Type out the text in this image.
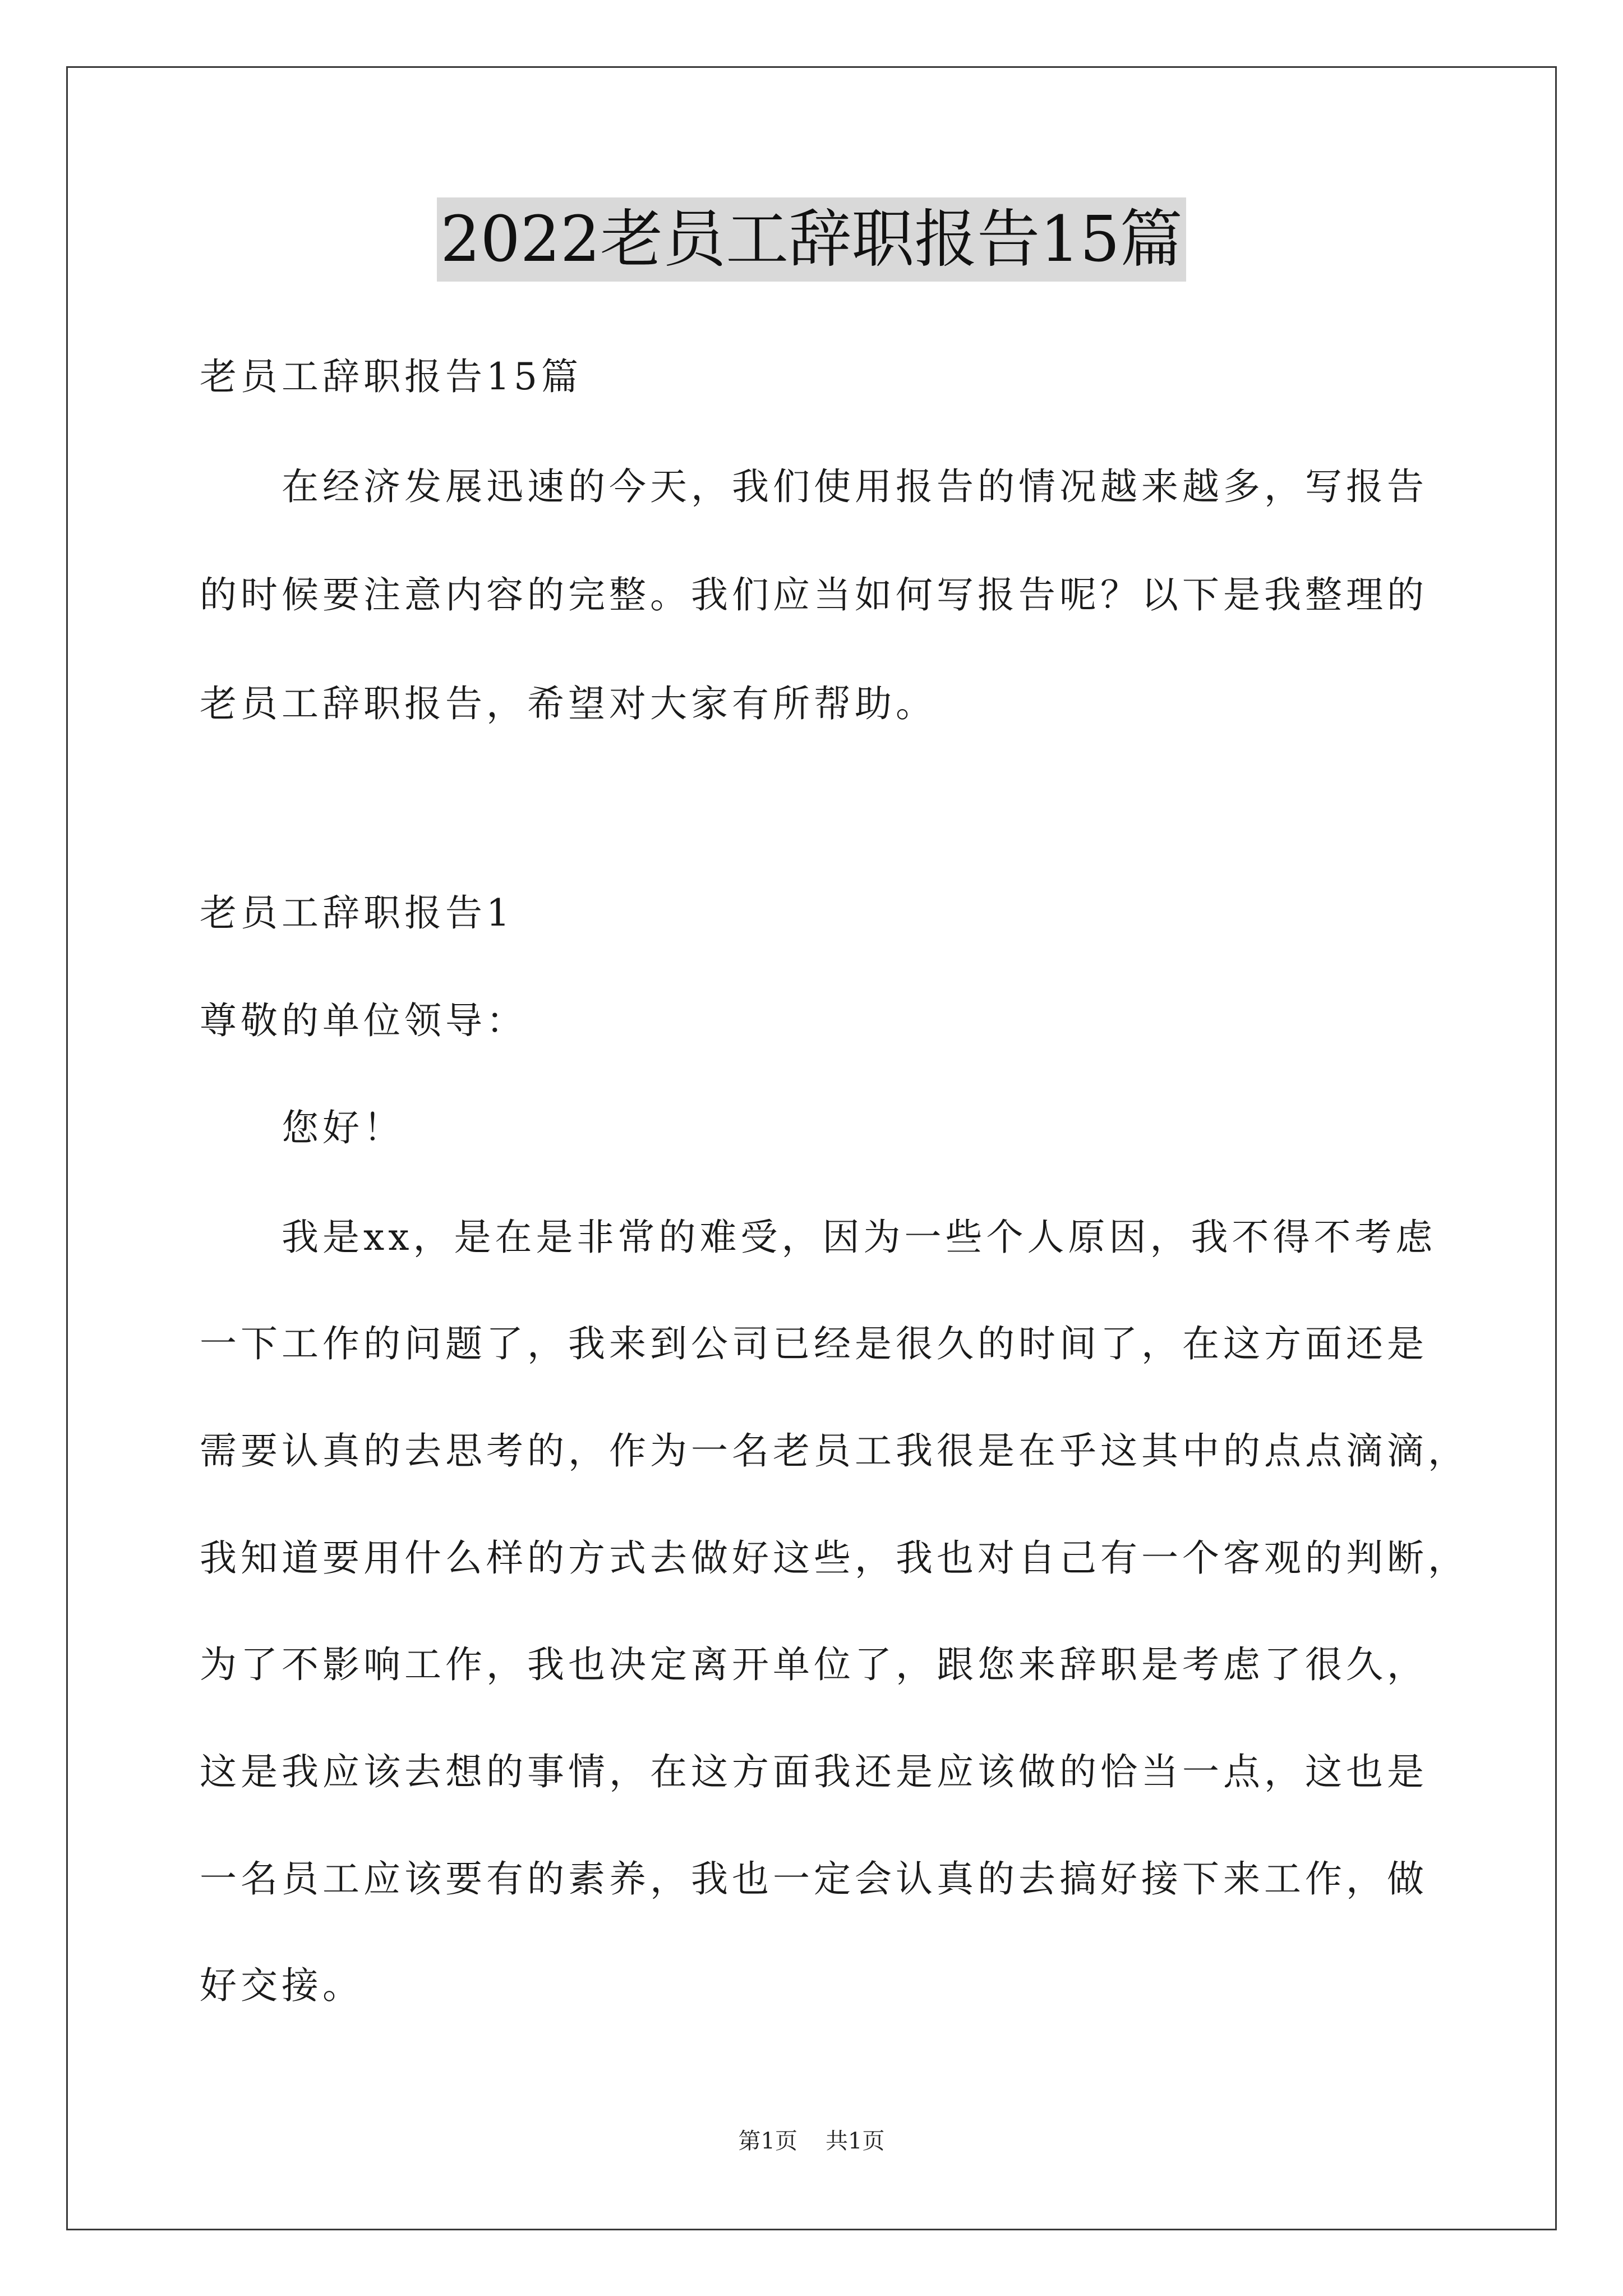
2022老员工辞职报告15篇
老员工辞职报告15篇
在经济发展迅速的今天，我们使用报告的情况越来越多，写报告
的时候要注意内容的完整。我们应当如何写报告呢？以下是我整理的
老员工辞职报告，希望对大家有所帮助。
老员工辞职报告1
尊敬的单位领导：
您好！
我是xx，是在是非常的难受，因为一些个人原因，我不得不考虑
一下工作的问题了，我来到公司已经是很久的时间了，在这方面还是
需要认真的去思考的，作为一名老员工我很是在乎这其中的点点滴滴，
我知道要用什么样的方式去做好这些，我也对自己有一个客观的判断，
为了不影响工作，我也决定离开单位了，跟您来辞职是考虑了很久，
这是我应该去想的事情，在这方面我还是应该做的恰当一点，这也是
一名员工应该要有的素养，我也一定会认真的去搞好接下来工作，做
好交接。
第1页 共1页
